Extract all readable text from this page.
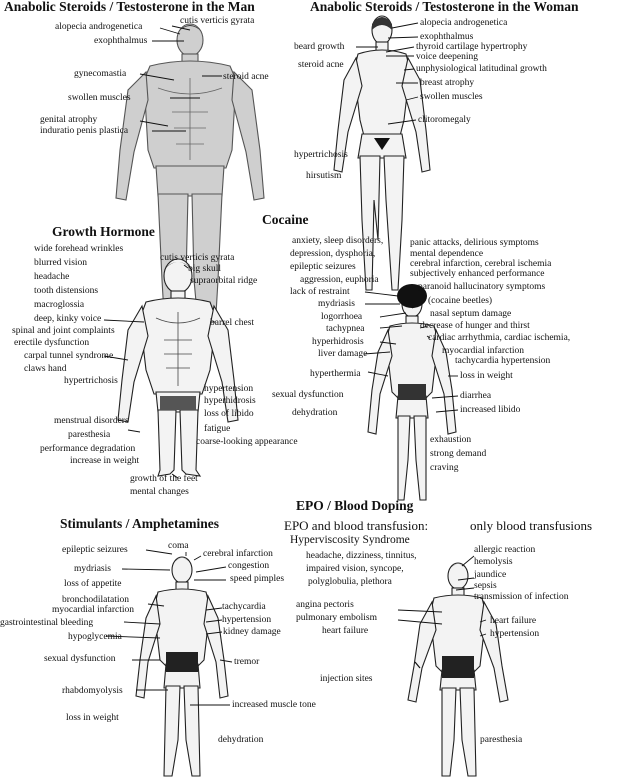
Anabolic Steroids / Testosterone in the Man	Anabolic Steroids / Testosterone in the Woman
Growth Hormone
Cocaine
Stimulants / Amphetamines
EPO / Blood Doping
EPO and blood transfusion:	only blood transfusions
Hyperviscosity Syndrome
cutis verticis gyrata
alopecia androgenetica
exophthalmus
gynecomastia	steroid acne
swollen muscles
genital atrophy
induratio penis plastica
alopecia androgenetica
exophthalmus
beard growth	thyroid cartilage hypertrophy
voice deepening
steroid acne	unphysiological latitudinal growth
breast atrophy
swollen muscles
clitoromegaly
hypertrichosis
hirsutism
wide forehead wrinkles
blurred vision
headache
tooth distensions
macroglossia
deep, kinky voice
spinal and joint complaints
erectile dysfunction
carpal tunnel syndrome
claws hand
hypertrichosis
cutis verticis gyrata
big skull
supraorbital ridge
barrel chest
hypertension
hyperhidrosis
loss of libido
fatigue
coarse-looking appearance
menstrual disorders
paresthesia
performance degradation
increase in weight
growth of the feet
mental changes
anxiety, sleep disorders,
depression, dysphoria,
epileptic seizures
aggression, euphoria
lack of restraint
mydriasis
logorrhoea
tachypnea
hyperhidrosis
liver damage
hyperthermia
sexual dysfunction
dehydration
panic attacks, delirious symptoms
mental dependence
cerebral infarction, cerebral ischemia
subjectively enhanced performance
paranoid hallucinatory symptoms
(cocaine beetles)
nasal septum damage
decrease of hunger and thirst
cardiac arrhythmia, cardiac ischemia,
myocardial infarction
tachycardia hypertension
loss in weight
diarrhea
increased libido
exhaustion
strong demand
craving
epileptic seizures	coma
cerebral infarction
mydriasis	congestion
speed pimples
loss of appetite
bronchodilatation
myocardial infarction
gastrointestinal bleeding
tachycardia
hypertension
hypoglycemia	kidney damage
sexual dysfunction	tremor
rhabdomyolysis
increased muscle tone
loss in weight
dehydration
headache, dizziness, tinnitus,
impaired vision, syncope,
polyglobulia, plethora
angina pectoris
pulmonary embolism
heart failure
injection sites
allergic reaction
hemolysis
jaundice
sepsis
transmission of infection
heart failure
hypertension
paresthesia
